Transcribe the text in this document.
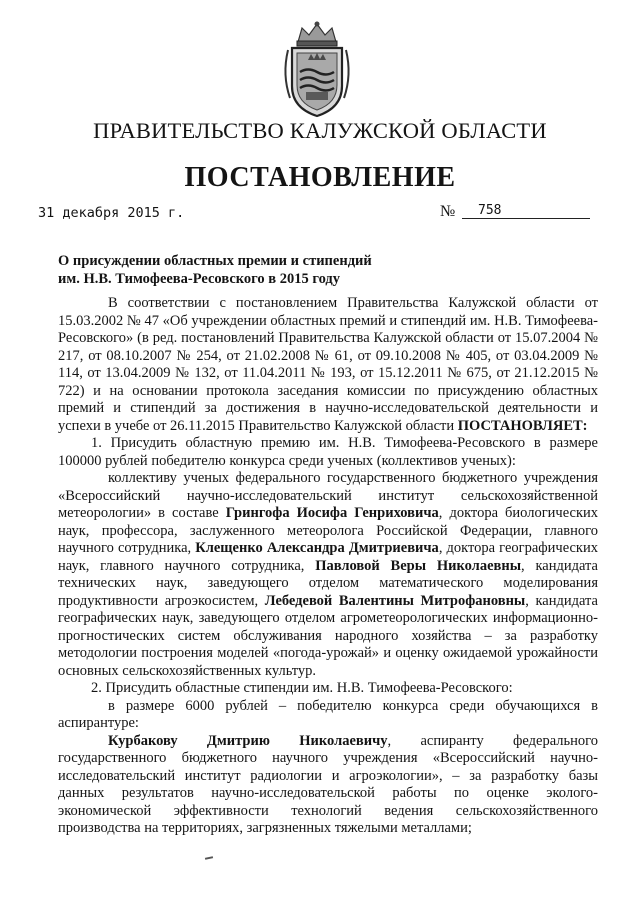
ПРАВИТЕЛЬСТВО КАЛУЖСКОЙ ОБЛАСТИ
ПОСТАНОВЛЕНИЕ
31 декабря 2015 г.	№	758
О присуждении областных премии и стипендий
им. Н.В. Тимофеева-Ресовского в 2015 году

В соответствии с постановлением Правительства Калужской области от 15.03.2002 № 47 «Об учреждении областных премий и стипендий им. Н.В. Тимофеева-Ресовского» (в ред. постановлений Правительства Калужской области от 15.07.2004 № 217, от 08.10.2007 № 254, от 21.02.2008 № 61, от 09.10.2008 № 405, от 03.04.2009 № 114, от 13.04.2009 № 132, от 11.04.2011 № 193, от 15.12.2011 № 675, от 21.12.2015 № 722) и на основании протокола заседания комиссии по присуждению областных премий и стипендий за достижения в научно-исследовательской деятельности и успехи в учебе от 26.11.2015 Правительство Калужской области ПОСТАНОВЛЯЕТ:

1. Присудить областную премию им. Н.В. Тимофеева-Ресовского в размере 100000 рублей победителю конкурса среди ученых (коллективов ученых):

коллективу ученых федерального государственного бюджетного учреждения «Всероссийский научно-исследовательский институт сельскохозяйственной метеорологии» в составе Грингофа Иосифа Генриховича, доктора биологических наук, профессора, заслуженного метеоролога Российской Федерации, главного научного сотрудника, Клещенко Александра Дмитриевича, доктора географических наук, главного научного сотрудника, Павловой Веры Николаевны, кандидата технических наук, заведующего отделом математического моделирования продуктивности агроэкосистем, Лебедевой Валентины Митрофановны, кандидата географических наук, заведующего отделом агрометеорологических информационно-прогностических систем обслуживания народного хозяйства – за разработку методологии построения моделей «погода-урожай» и оценку ожидаемой урожайности основных сельскохозяйственных культур.

2. Присудить областные стипендии им. Н.В. Тимофеева-Ресовского:

в размере 6000 рублей – победителю конкурса среди обучающихся в аспирантуре:

Курбакову Дмитрию Николаевичу, аспиранту федерального государственного бюджетного научного учреждения «Всероссийский научно-исследовательский институт радиологии и агроэкологии», – за разработку базы данных результатов научно-исследовательской работы по оценке эколого-экономической эффективности технологий ведения сельскохозяйственного производства на территориях, загрязненных тяжелыми металлами;
